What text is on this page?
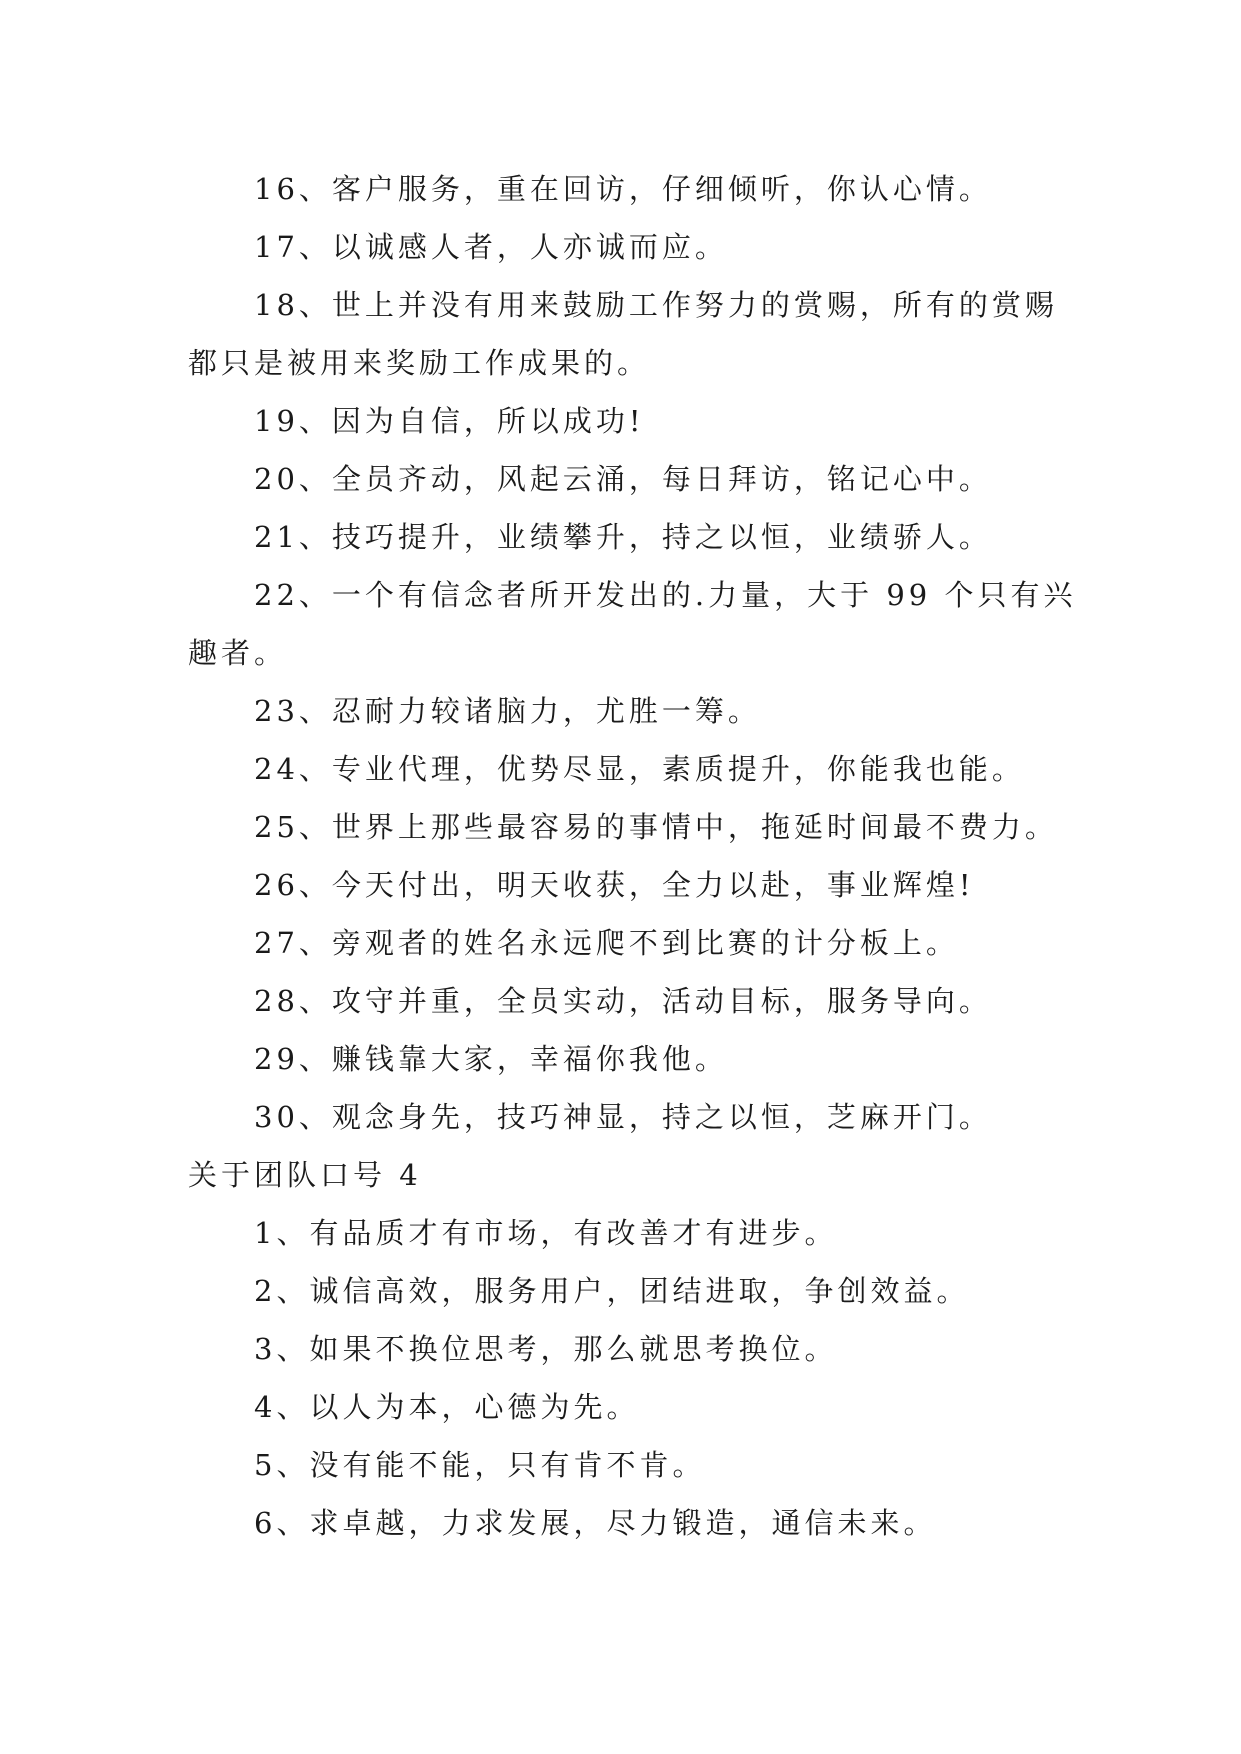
16、客户服务，重在回访，仔细倾听，你认心情。
17、以诚感人者，人亦诚而应。
18、世上并没有用来鼓励工作努力的赏赐，所有的赏赐
都只是被用来奖励工作成果的。
19、因为自信，所以成功!
20、全员齐动，风起云涌，每日拜访，铭记心中。
21、技巧提升，业绩攀升，持之以恒，业绩骄人。
22、一个有信念者所开发出的.力量，大于 99 个只有兴
趣者。
23、忍耐力较诸脑力，尤胜一筹。
24、专业代理，优势尽显，素质提升，你能我也能。
25、世界上那些最容易的事情中，拖延时间最不费力。
26、今天付出，明天收获，全力以赴，事业辉煌!
27、旁观者的姓名永远爬不到比赛的计分板上。
28、攻守并重，全员实动，活动目标，服务导向。
29、赚钱靠大家，幸福你我他。
30、观念身先，技巧神显，持之以恒，芝麻开门。
关于团队口号 4
1、有品质才有市场，有改善才有进步。
2、诚信高效，服务用户，团结进取，争创效益。
3、如果不换位思考，那么就思考换位。
4、以人为本，心德为先。
5、没有能不能，只有肯不肯。
6、求卓越，力求发展，尽力锻造，通信未来。
